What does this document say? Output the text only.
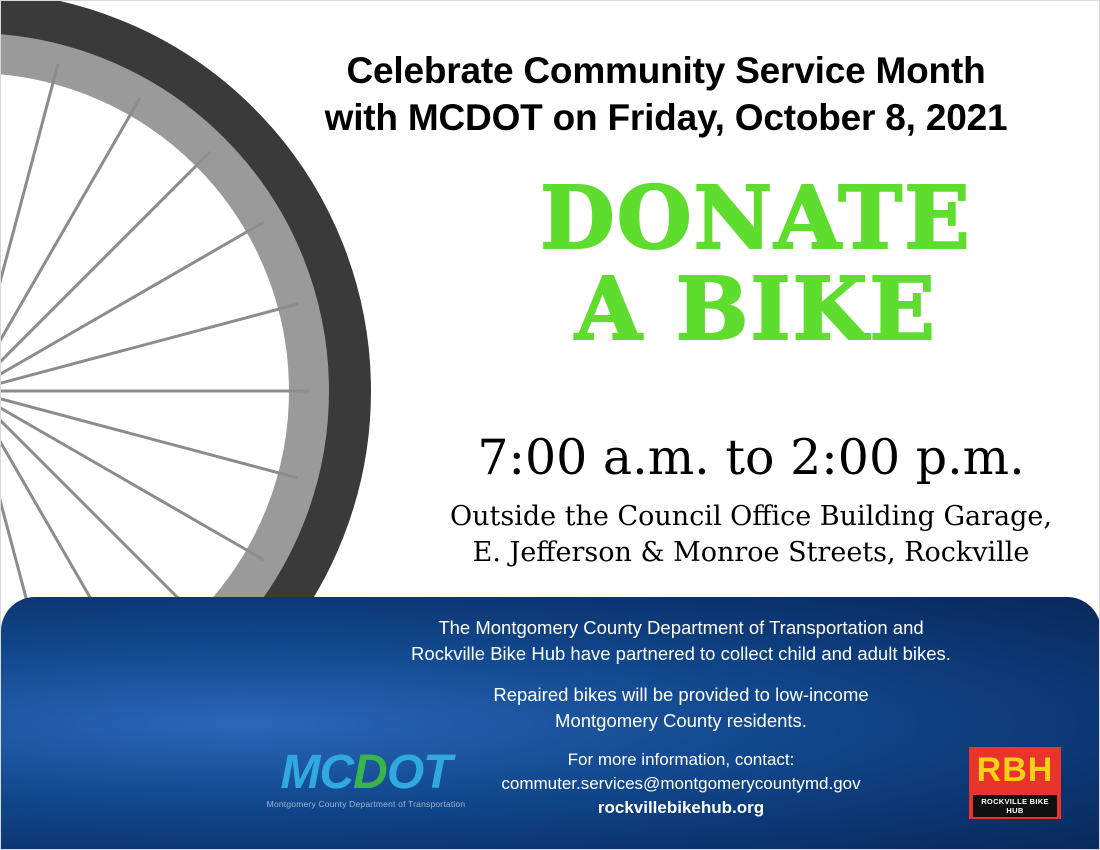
Celebrate Community Service Month
with MCDOT on Friday, October 8, 2021
DONATE
A BIKE
7:00 a.m. to 2:00 p.m.
Outside the Council Office Building Garage,
E. Jefferson & Monroe Streets, Rockville

The Montgomery County Department of Transportation and
Rockville Bike Hub have partnered to collect child and adult bikes.

Repaired bikes will be provided to low-income
Montgomery County residents.

For more information, contact:
commuter.services@montgomerycountymd.gov
rockvillebikehub.org

MCDOT
Montgomery County Department of Transportation
RBH
ROCKVILLE BIKE HUB
